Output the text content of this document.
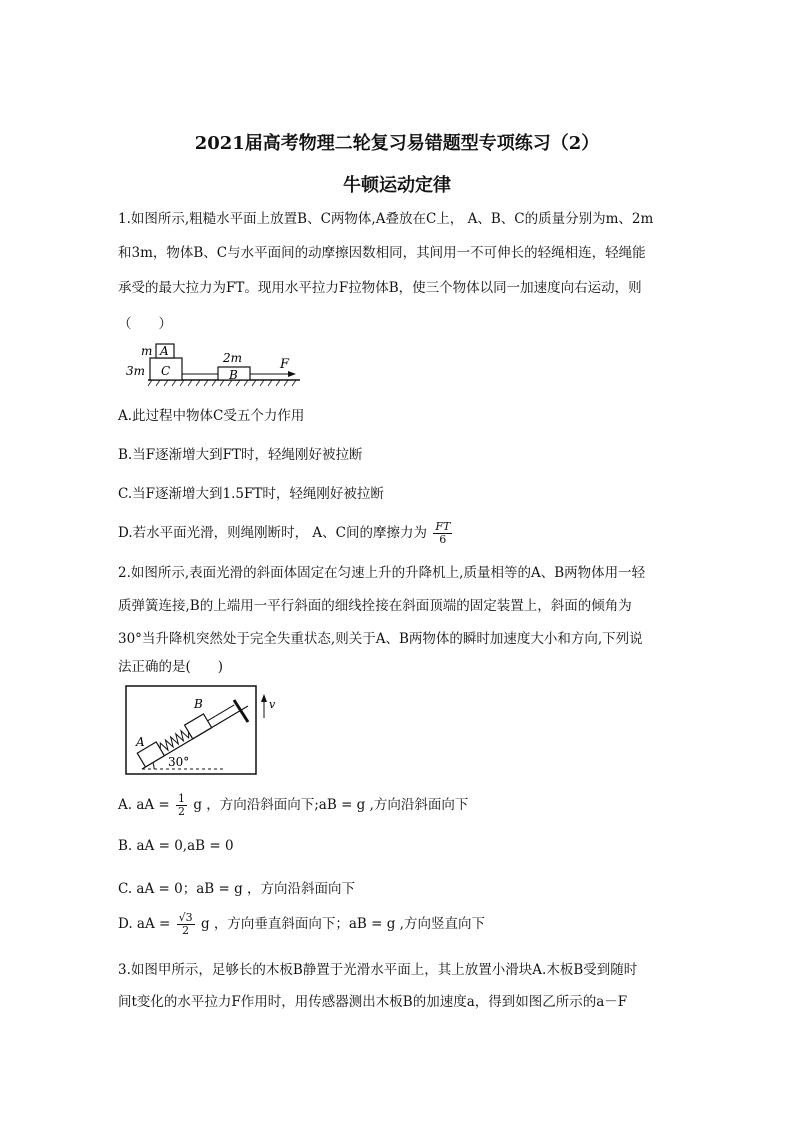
2021届高考物理二轮复习易错题型专项练习（2）
牛顿运动定律
1.如图所示,粗糙水平面上放置B、C两物体,A叠放在C上， A、B、C的质量分别为m、2m
和3m，物体B、C与水平面间的动摩擦因数相同，其间用一不可伸长的轻绳相连，轻绳能
承受的最大拉力为FT。现用水平拉力F拉物体B，使三个物体以同一加速度向右运动，则
（　　）
m A
3m C
2m
B
F
A.此过程中物体C受五个力作用
B.当F逐渐增大到FT时，轻绳刚好被拉断
C.当F逐渐增大到1.5FT时，轻绳刚好被拉断
D.若水平面光滑，则绳刚断时， A、C间的摩擦力为 $\frac{FT}{6}$
2.如图所示,表面光滑的斜面体固定在匀速上升的升降机上,质量相等的A、B两物体用一轻
质弹簧连接,B的上端用一平行斜面的细线拴接在斜面顶端的固定装置上，斜面的倾角为
30°当升降机突然处于完全失重状态,则关于A、B两物体的瞬时加速度大小和方向,下列说
法正确的是(　　)
30°
A
B	v
A. aA = $\frac{1}{2}$ g ，方向沿斜面向下;aB = g ,方向沿斜面向下
B. aA = 0,aB = 0
C. aA = 0；aB = g ，方向沿斜面向下
D. aA = $\frac{√3}{2}$ g ，方向垂直斜面向下；aB = g ,方向竖直向下
3.如图甲所示，足够长的木板B静置于光滑水平面上，其上放置小滑块A.木板B受到随时
间t变化的水平拉力F作用时，用传感器测出木板B的加速度a，得到如图乙所示的a－F
